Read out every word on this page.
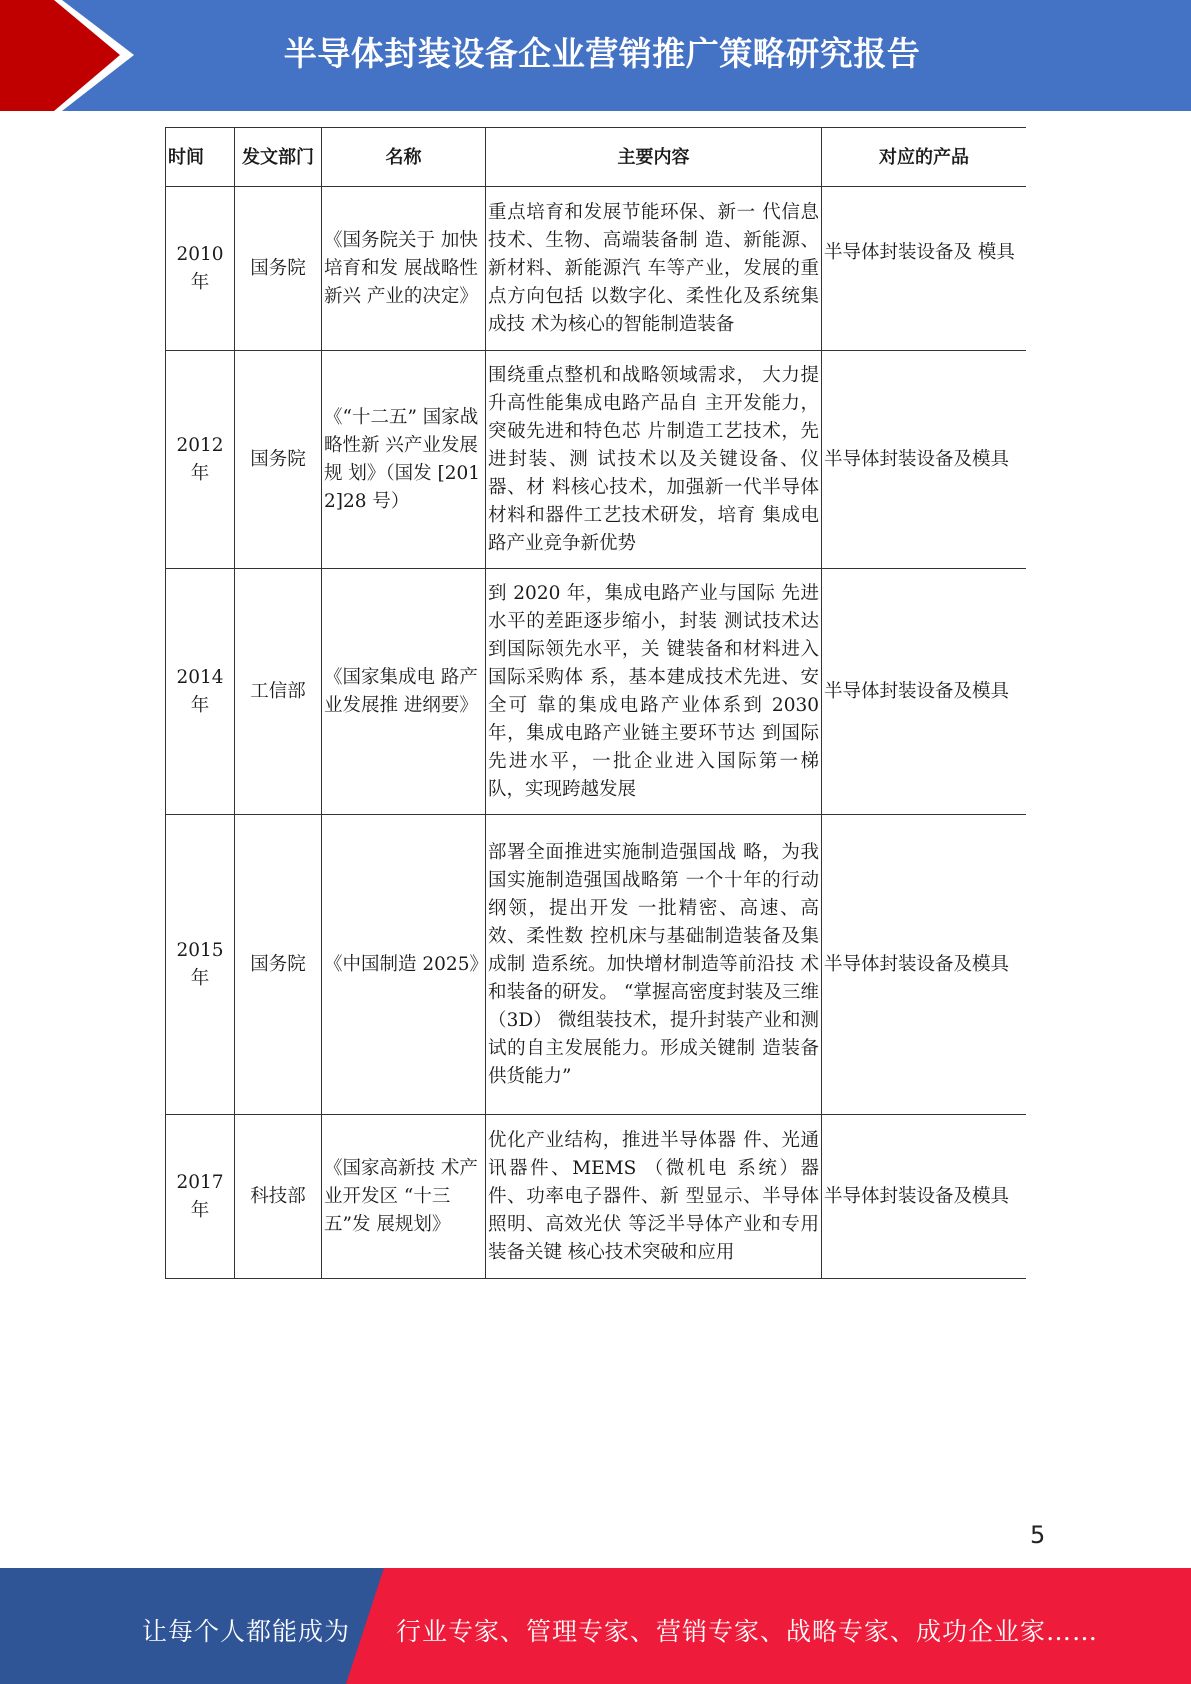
半导体封装设备企业营销推广策略研究报告
时间	发文部门	名称	主要内容	对应的产品
2010年	国务院	《国务院关于 加快培育和发 展战略性新兴 产业的决定》	重点培育和发展节能环保、新一 代信息技术、生物、高端装备制 造、新能源、新材料、新能源汽 车等产业，发展的重点方向包括 以数字化、柔性化及系统集成技 术为核心的智能制造装备	半导体封装设备及 模具
2012年	国务院	《“十二五” 国家战略性新 兴产业发展规 划》（国发 [2012]28 号）	围绕重点整机和战略领域需求， 大力提升高性能集成电路产品自 主开发能力，突破先进和特色芯 片制造工艺技术，先进封装、测 试技术以及关键设备、仪器、材 料核心技术，加强新一代半导体 材料和器件工艺技术研发，培育 集成电路产业竞争新优势	半导体封装设备及模具
2014年	工信部	《国家集成电 路产业发展推 进纲要》	到 2020 年，集成电路产业与国际 先进水平的差距逐步缩小，封装 测试技术达到国际领先水平，关 键装备和材料进入国际采购体 系，基本建成技术先进、安全可 靠的集成电路产业体系到 2030 年，集成电路产业链主要环节达 到国际先进水平，一批企业进入国际第一梯队，实现跨越发展	半导体封装设备及模具
2015年	国务院	《中国制造 2025》	部署全面推进实施制造强国战 略，为我国实施制造强国战略第 一个十年的行动纲领，提出开发 一批精密、高速、高效、柔性数 控机床与基础制造装备及集成制 造系统。加快增材制造等前沿技 术和装备的研发。 “掌握高密度封装及三维（3D） 微组装技术，提升封装产业和测 试的自主发展能力。形成关键制 造装备供货能力”	半导体封装设备及模具
2017年	科技部	《国家高新技 术产业开发区 “十三五”发 展规划》	优化产业结构，推进半导体器 件、光通讯器件、MEMS （微机电 系统）器件、功率电子器件、新 型显示、半导体照明、高效光伏 等泛半导体产业和专用装备关键 核心技术突破和应用	半导体封装设备及模具
5
让每个人都能成为 行业专家、管理专家、营销专家、战略专家、成功企业家……
